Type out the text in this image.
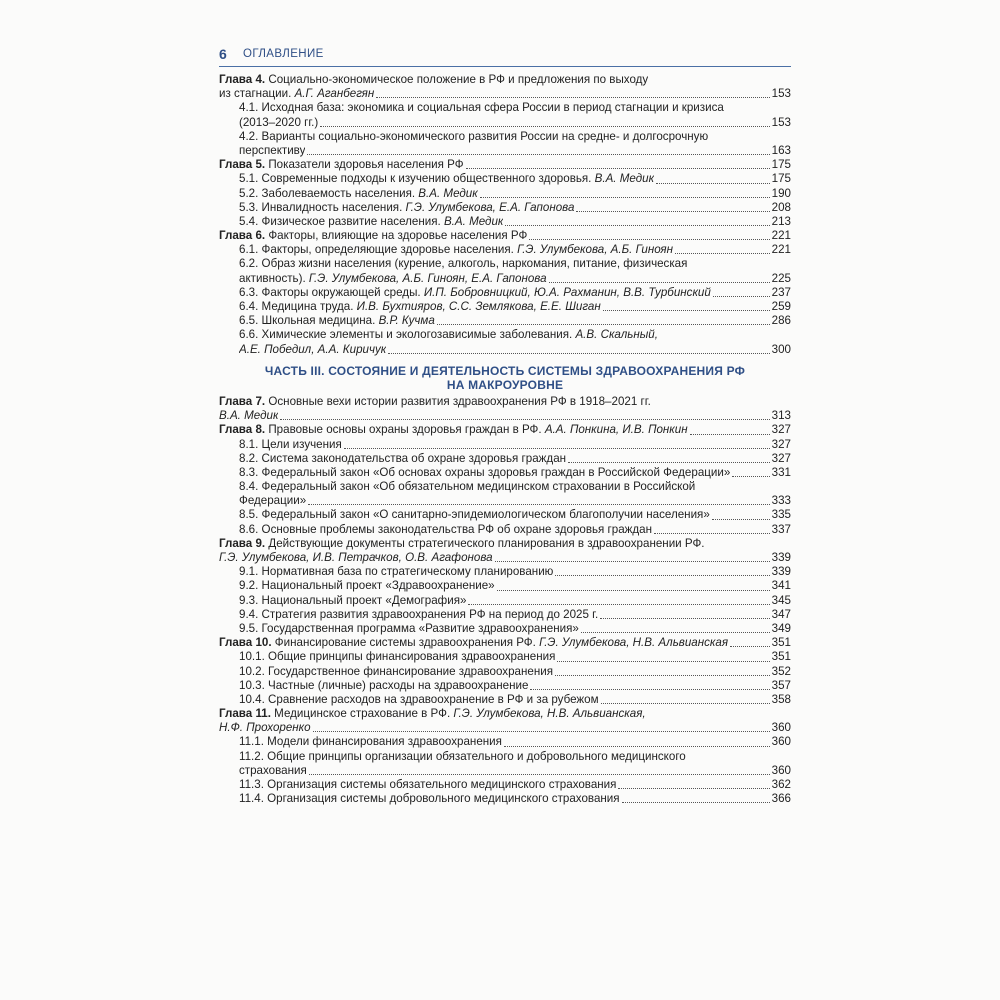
6 ОГЛАВЛЕНИЕ
Глава 4. Социально-экономическое положение в РФ и предложения по выходу
из стагнации. А.Г. Аганбегян	153
4.1. Исходная база: экономика и социальная сфера России в период стагнации и кризиса
(2013–2020 гг.)	153
4.2. Варианты социально-экономического развития России на средне- и долгосрочную
перспективу	163
Глава 5. Показатели здоровья населения РФ	175
5.1. Современные подходы к изучению общественного здоровья. В.А. Медик	175
5.2. Заболеваемость населения. В.А. Медик	190
5.3. Инвалидность населения. Г.Э. Улумбекова, Е.А. Гапонова	208
5.4. Физическое развитие населения. В.А. Медик	213
Глава 6. Факторы, влияющие на здоровье населения РФ	221
6.1. Факторы, определяющие здоровье населения. Г.Э. Улумбекова, А.Б. Гиноян	221
6.2. Образ жизни населения (курение, алкоголь, наркомания, питание, физическая
активность). Г.Э. Улумбекова, А.Б. Гиноян, Е.А. Гапонова	225
6.3. Факторы окружающей среды. И.П. Бобровницкий, Ю.А. Рахманин, В.В. Турбинский	237
6.4. Медицина труда. И.В. Бухтияров, С.С. Землякова, Е.Е. Шиган	259
6.5. Школьная медицина. В.Р. Кучма	286
6.6. Химические элементы и экологозависимые заболевания. А.В. Скальный,
А.Е. Победил, А.А. Киричук	300
ЧАСТЬ III. СОСТОЯНИЕ И ДЕЯТЕЛЬНОСТЬ СИСТЕМЫ ЗДРАВООХРАНЕНИЯ РФ
НА МАКРОУРОВНЕ
Глава 7. Основные вехи истории развития здравоохранения РФ в 1918–2021 гг.
В.А. Медик	313
Глава 8. Правовые основы охраны здоровья граждан в РФ. А.А. Понкина, И.В. Понкин	327
8.1. Цели изучения	327
8.2. Система законодательства об охране здоровья граждан	327
8.3. Федеральный закон «Об основах охраны здоровья граждан в Российской Федерации»	331
8.4. Федеральный закон «Об обязательном медицинском страховании в Российской
Федерации»	333
8.5. Федеральный закон «О санитарно-эпидемиологическом благополучии населения»	335
8.6. Основные проблемы законодательства РФ об охране здоровья граждан	337
Глава 9. Действующие документы стратегического планирования в здравоохранении РФ.
Г.Э. Улумбекова, И.В. Петрачков, О.В. Агафонова	339
9.1. Нормативная база по стратегическому планированию	339
9.2. Национальный проект «Здравоохранение»	341
9.3. Национальный проект «Демография»	345
9.4. Стратегия развития здравоохранения РФ на период до 2025 г.	347
9.5. Государственная программа «Развитие здравоохранения»	349
Глава 10. Финансирование системы здравоохранения РФ. Г.Э. Улумбекова, Н.В. Альвианская	351
10.1. Общие принципы финансирования здравоохранения	351
10.2. Государственное финансирование здравоохранения	352
10.3. Частные (личные) расходы на здравоохранение	357
10.4. Сравнение расходов на здравоохранение в РФ и за рубежом	358
Глава 11. Медицинское страхование в РФ. Г.Э. Улумбекова, Н.В. Альвианская,
Н.Ф. Прохоренко	360
11.1. Модели финансирования здравоохранения	360
11.2. Общие принципы организации обязательного и добровольного медицинского
страхования	360
11.3. Организация системы обязательного медицинского страхования	362
11.4. Организация системы добровольного медицинского страхования	366
